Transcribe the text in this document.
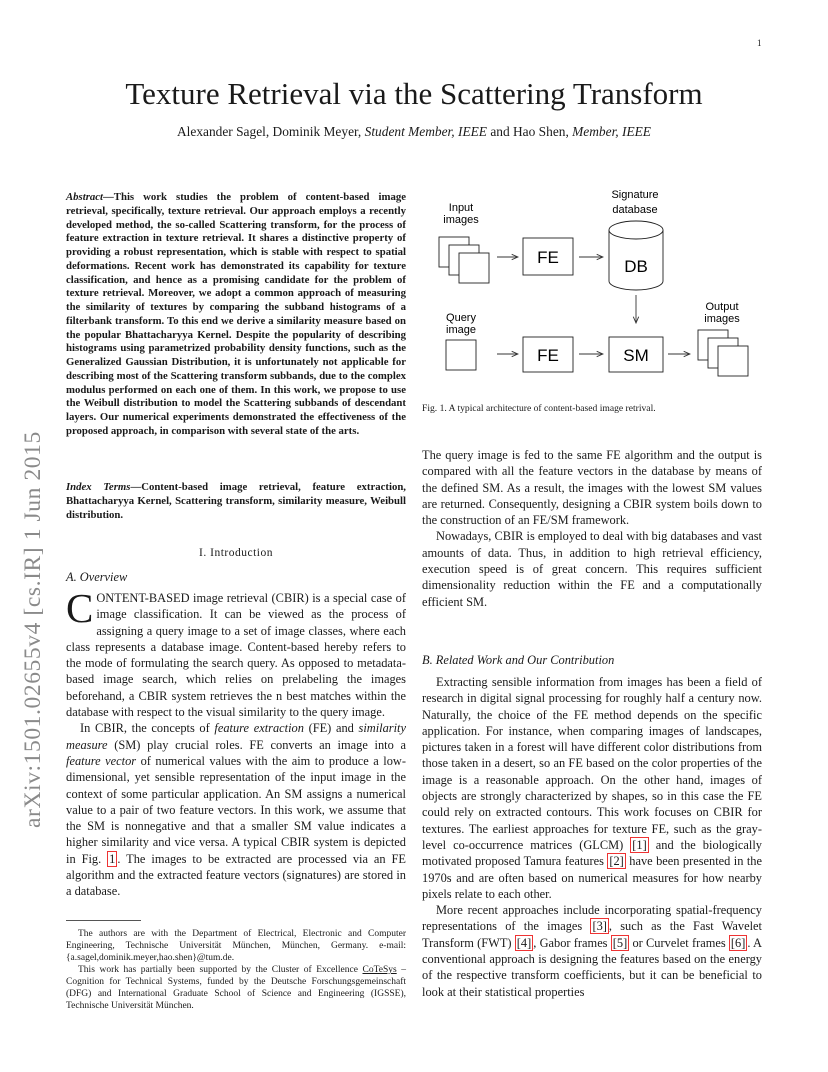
1
arXiv:1501.02655v4 [cs.IR] 1 Jun 2015
Texture Retrieval via the Scattering Transform
Alexander Sagel, Dominik Meyer, Student Member, IEEE and Hao Shen, Member, IEEE
Abstract—This work studies the problem of content-based image retrieval, specifically, texture retrieval. Our approach employs a recently developed method, the so-called Scattering transform, for the process of feature extraction in texture retrieval. It shares a distinctive property of providing a robust representation, which is stable with respect to spatial deformations. Recent work has demonstrated its capability for texture classification, and hence as a promising candidate for the problem of texture retrieval. Moreover, we adopt a common approach of measuring the similarity of textures by comparing the subband histograms of a filterbank transform. To this end we derive a similarity measure based on the popular Bhattacharyya Kernel. Despite the popularity of describing histograms using parametrized probability density functions, such as the Generalized Gaussian Distribution, it is unfortunately not applicable for describing most of the Scattering transform subbands, due to the complex modulus performed on each one of them. In this work, we propose to use the Weibull distribution to model the Scattering subbands of descendant layers. Our numerical experiments demonstrated the effectiveness of the proposed approach, in comparison with several state of the arts.
Index Terms—Content-based image retrieval, feature extraction, Bhattacharyya Kernel, Scattering transform, similarity measure, Weibull distribution.
I. Introduction
A. Overview

CONTENT-BASED image retrieval (CBIR) is a special case of image classification. It can be viewed as the process of assigning a query image to a set of image classes, where each class represents a database image. Content-based hereby refers to the mode of formulating the search query. As opposed to metadata-based image search, which relies on prelabeling the images beforehand, a CBIR system retrieves the n best matches within the database with respect to the visual similarity to the query image.

In CBIR, the concepts of feature extraction (FE) and similarity measure (SM) play crucial roles. FE converts an image into a feature vector of numerical values with the aim to produce a low-dimensional, yet sensible representation of the input image in the context of some particular application. An SM assigns a numerical value to a pair of two feature vectors. In this work, we assume that the SM is nonnegative and that a smaller SM value indicates a higher similarity and vice versa. A typical CBIR system is depicted in Fig. 1 . The images to be extracted are processed via an FE algorithm and the extracted feature vectors (signatures) are stored in a database.

The authors are with the Department of Electrical, Electronic and Computer Engineering, Technische Universität München, München, Germany. e-mail: {a.sagel,dominik.meyer,hao.shen}@tum.de.

This work has partially been supported by the Cluster of Excellence CoTeSys – Cognition for Technical Systems, funded by the Deutsche Forschungsgemeinschaft (DFG) and International Graduate School of Science and Engineering (IGSSE), Technische Universität München.

Signature
database
Input
images
FE	DB
Query
image
Output
images
FE	SM
Fig. 1. A typical architecture of content-based image retrival.

The query image is fed to the same FE algorithm and the output is compared with all the feature vectors in the database by means of the defined SM. As a result, the images with the lowest SM values are returned. Consequently, designing a CBIR system boils down to the construction of an FE/SM framework.

Nowadays, CBIR is employed to deal with big databases and vast amounts of data. Thus, in addition to high retrieval efficiency, execution speed is of great concern. This requires sufficient dimensionality reduction within the FE and a computationally efficient SM.

B. Related Work and Our Contribution

Extracting sensible information from images has been a field of research in digital signal processing for roughly half a century now. Naturally, the choice of the FE method depends on the specific application. For instance, when comparing images of landscapes, pictures taken in a forest will have different color distributions from those taken in a desert, so an FE based on the color properties of the image is a reasonable approach. On the other hand, images of objects are strongly characterized by shapes, so in this case the FE could rely on extracted contours. This work focuses on CBIR for textures. The earliest approaches for texture FE, such as the gray-level co-occurrence matrices (GLCM) [1] and the biologically motivated proposed Tamura features [2] have been presented in the 1970s and are often based on numerical measures for how nearby pixels relate to each other.

More recent approaches include incorporating spatial-frequency representations of the images [3] , such as the Fast Wavelet Transform (FWT) [4] , Gabor frames [5] or Curvelet frames [6] . A conventional approach is designing the features based on the energy of the respective transform coefficients, but it can be beneficial to look at their statistical properties
